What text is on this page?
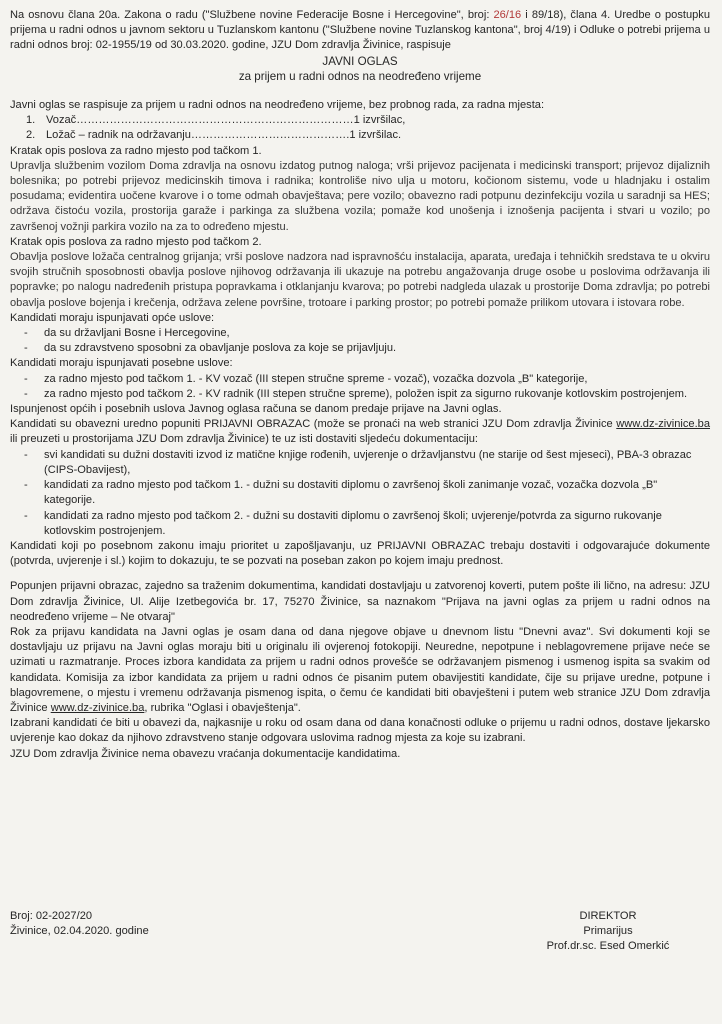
Na osnovu člana 20a. Zakona o radu ("Službene novine Federacije Bosne i Hercegovine", broj: 26/16 i 89/18), člana 4. Uredbe o postupku prijema u radni odnos u javnom sektoru u Tuzlanskom kantonu ("Službene novine Tuzlanskog kantona", broj 4/19) i Odluke o potrebi prijema u radni odnos broj: 02-1955/19 od 30.03.2020. godine, JZU Dom zdravlja Živinice, raspisuje

JAVNI OGLAS

za prijem u radni odnos na neodređeno vrijeme

Javni oglas se raspisuje za prijem u radni odnos na neodređeno vrijeme, bez probnog rada, za radna mjesta:

1. Vozač…………………………………………………………………1 izvršilac,
2. Ložač – radnik na održavanju…………………………………….1 izvršilac.

Kratak opis poslova za radno mjesto pod tačkom 1.

Upravlja službenim vozilom Doma zdravlja na osnovu izdatog putnog naloga; vrši prijevoz pacijenata i medicinski transport; prijevoz dijaliznih bolesnika; po potrebi prijevoz medicinskih timova i radnika; kontroliše nivo ulja u motoru, kočionom sistemu, vode u hladnjaku i ostalim posudama; evidentira uočene kvarove i o tome odmah obavještava; pere vozilo; obavezno radi potpunu dezinfekciju vozila u saradnji sa HES; održava čistoću vozila, prostorija garaže i parkinga za službena vozila; pomaže kod unošenja i iznošenja pacijenta i stvari u vozilo; po završenoj vožnji parkira vozilo na za to određeno mjestu.

Kratak opis poslova za radno mjesto pod tačkom 2.

Obavlja poslove ložača centralnog grijanja; vrši poslove nadzora nad ispravnošću instalacija, aparata, uređaja i tehničkih sredstava te u okviru svojih stručnih sposobnosti obavlja poslove njihovog održavanja ili ukazuje na potrebu angažovanja druge osobe u poslovima održavanja ili popravke; po nalogu nadređenih pristupa popravkama i otklanjanju kvarova; po potrebi nadgleda ulazak u prostorije Doma zdravlja; po potrebi obavlja poslove bojenja i krečenja, održava zelene površine, trotoare i parking prostor; po potrebi pomaže prilikom utovara i istovara robe.

Kandidati moraju ispunjavati opće uslove:

- da su državljani Bosne i Hercegovine,
- da su zdravstveno sposobni za obavljanje poslova za koje se prijavljuju.

Kandidati moraju ispunjavati posebne uslove:

- za radno mjesto pod tačkom 1. - KV vozač (III stepen stručne spreme - vozač), vozačka dozvola „B" kategorije,
- za radno mjesto pod tačkom 2. - KV radnik (III stepen stručne spreme), položen ispit za sigurno rukovanje kotlovskim postrojenjem.

Ispunjenost općih i posebnih uslova Javnog oglasa računa se danom predaje prijave na Javni oglas.

Kandidati su obavezni uredno popuniti PRIJAVNI OBRAZAC (može se pronaći na web stranici JZU Dom zdravlja Živinice www.dz-zivinice.ba ili preuzeti u prostorijama JZU Dom zdravlja Živinice) te uz isti dostaviti sljedeću dokumentaciju:

- svi kandidati su dužni dostaviti izvod iz matične knjige rođenih, uvjerenje o državljanstvu (ne starije od šest mjeseci), PBA-3 obrazac (CIPS-Obavijest),
- kandidati za radno mjesto pod tačkom 1. - dužni su dostaviti diplomu o završenoj školi zanimanje vozač, vozačka dozvola „B" kategorije.
- kandidati za radno mjesto pod tačkom 2. - dužni su dostaviti diplomu o završenoj školi; uvjerenje/potvrda za sigurno rukovanje kotlovskim postrojenjem.

Kandidati koji po posebnom zakonu imaju prioritet u zapošljavanju, uz PRIJAVNI OBRAZAC trebaju dostaviti i odgovarajuće dokumente (potvrda, uvjerenje i sl.) kojim to dokazuju, te se pozvati na poseban zakon po kojem imaju prednost.

Popunjen prijavni obrazac, zajedno sa traženim dokumentima, kandidati dostavljaju u zatvorenoj koverti, putem pošte ili lično, na adresu: JZU Dom zdravlja Živinice, Ul. Alije Izetbegovića br. 17, 75270 Živinice, sa naznakom "Prijava na javni oglas za prijem u radni odnos na neodređeno vrijeme – Ne otvaraj"

Rok za prijavu kandidata na Javni oglas je osam dana od dana njegove objave u dnevnom listu "Dnevni avaz". Svi dokumenti koji se dostavljaju uz prijavu na Javni oglas moraju biti u originalu ili ovjerenoj fotokopiji. Neuredne, nepotpune i neblagovremene prijave neće se uzimati u razmatranje. Proces izbora kandidata za prijem u radni odnos provešće se održavanjem pismenog i usmenog ispita sa svakim od kandidata. Komisija za izbor kandidata za prijem u radni odnos će pisanim putem obavijestiti kandidate, čije su prijave uredne, potpune i blagovremene, o mjestu i vremenu održavanja pismenog ispita, o čemu će kandidati biti obavješteni i putem web stranice JZU Dom zdravlja Živinice www.dz-zivinice.ba, rubrika "Oglasi i obavještenja".

Izabrani kandidati će biti u obavezi da, najkasnije u roku od osam dana od dana konačnosti odluke o prijemu u radni odnos, dostave ljekarsko uvjerenje kao dokaz da njihovo zdravstveno stanje odgovara uslovima radnog mjesta za koje su izabrani.

JZU Dom zdravlja Živinice nema obavezu vraćanja dokumentacije kandidatima.

Broj: 02-2027/20

Živinice, 02.04.2020. godine

DIREKTOR

Primarijus

Prof.dr.sc. Esed Omerkić
